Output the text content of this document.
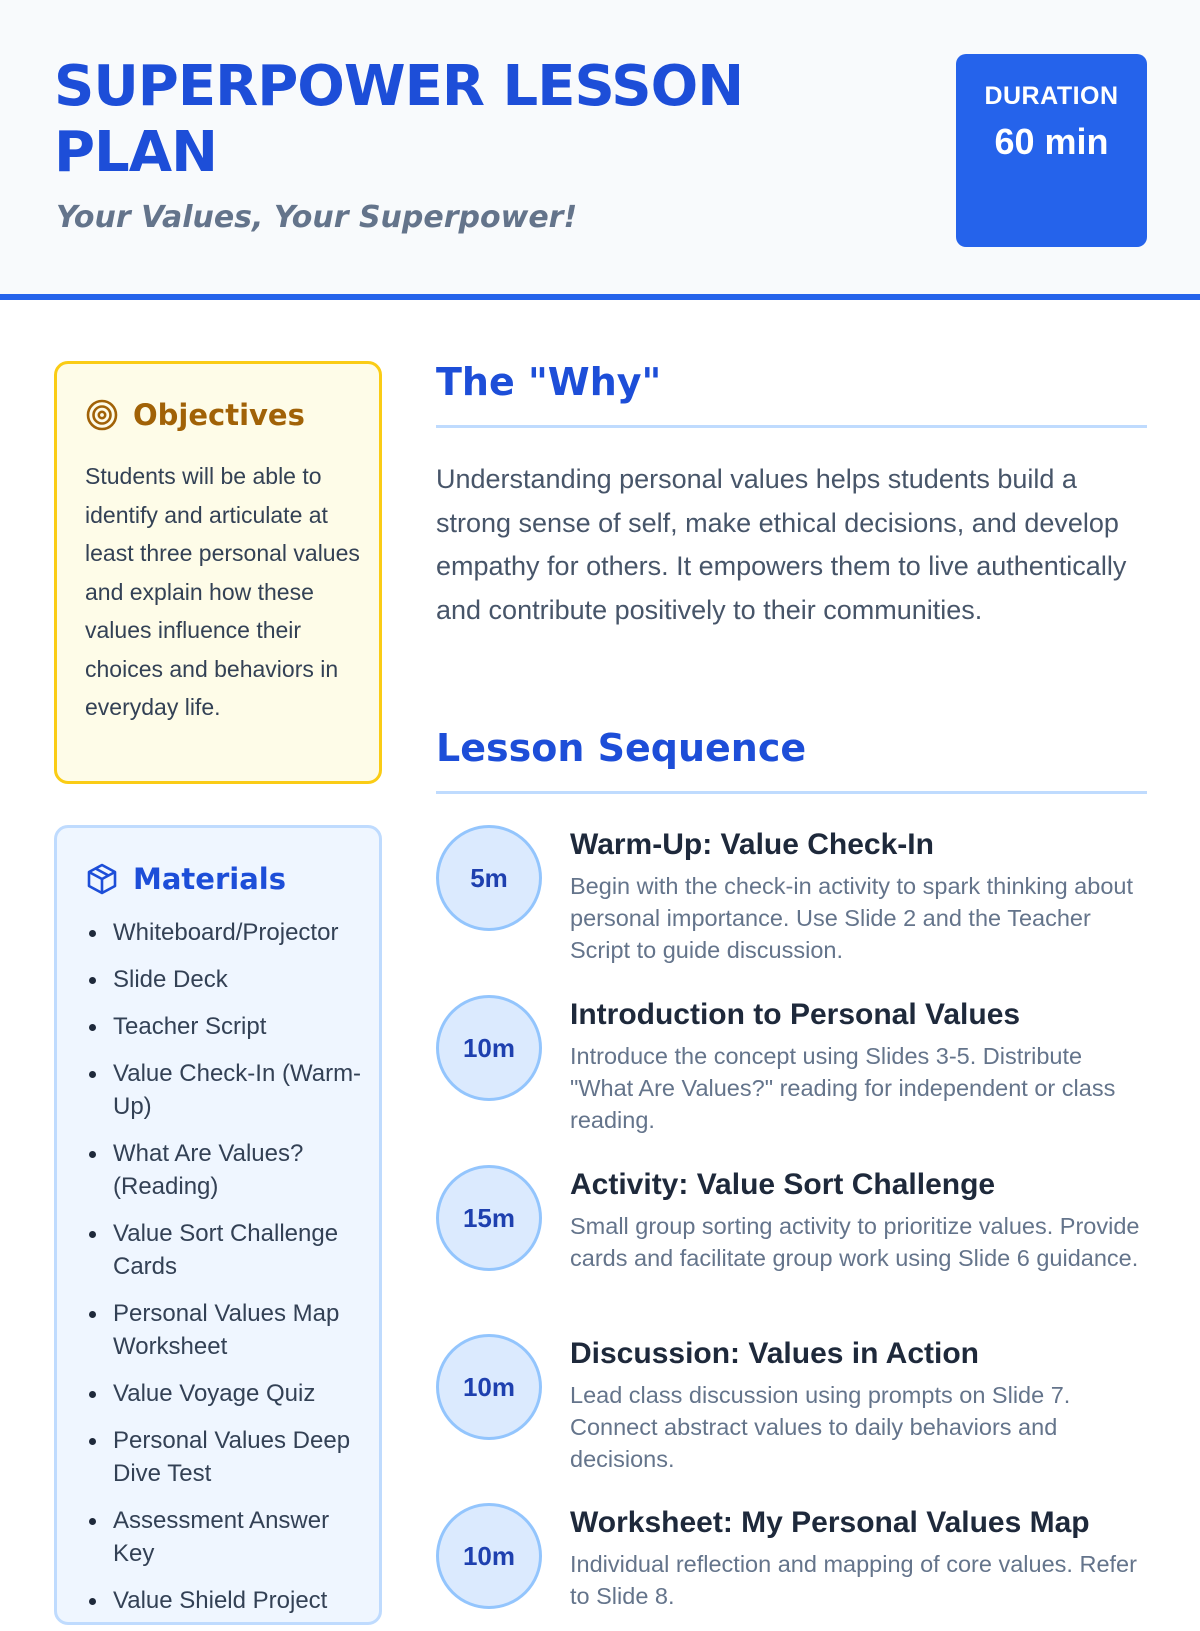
SUPERPOWER LESSON PLAN

Your Values, Your Superpower!

DURATION
60 min
Objectives

Students will be able to identify and articulate at least three personal values and explain how these values influence their choices and behaviors in everyday life.

Materials
Whiteboard/Projector
Slide Deck
Teacher Script
Value Check-In (Warm-Up)
What Are Values? (Reading)
Value Sort Challenge Cards
Personal Values Map Worksheet
Value Voyage Quiz
Personal Values Deep Dive Test
Assessment Answer Key
Value Shield Project
The "Why"

Understanding personal values helps students build a strong sense of self, make ethical decisions, and develop empathy for others. It empowers them to live authentically and contribute positively to their communities.

Lesson Sequence
5m
Warm-Up: Value Check-In
Begin with the check-in activity to spark thinking about personal importance. Use Slide 2 and the Teacher Script to guide discussion.
10m
Introduction to Personal Values
Introduce the concept using Slides 3-5. Distribute "What Are Values?" reading for independent or class reading.
15m
Activity: Value Sort Challenge
Small group sorting activity to prioritize values. Provide cards and facilitate group work using Slide 6 guidance.
10m
Discussion: Values in Action
Lead class discussion using prompts on Slide 7. Connect abstract values to daily behaviors and decisions.
10m
Worksheet: My Personal Values Map
Individual reflection and mapping of core values. Refer to Slide 8.
